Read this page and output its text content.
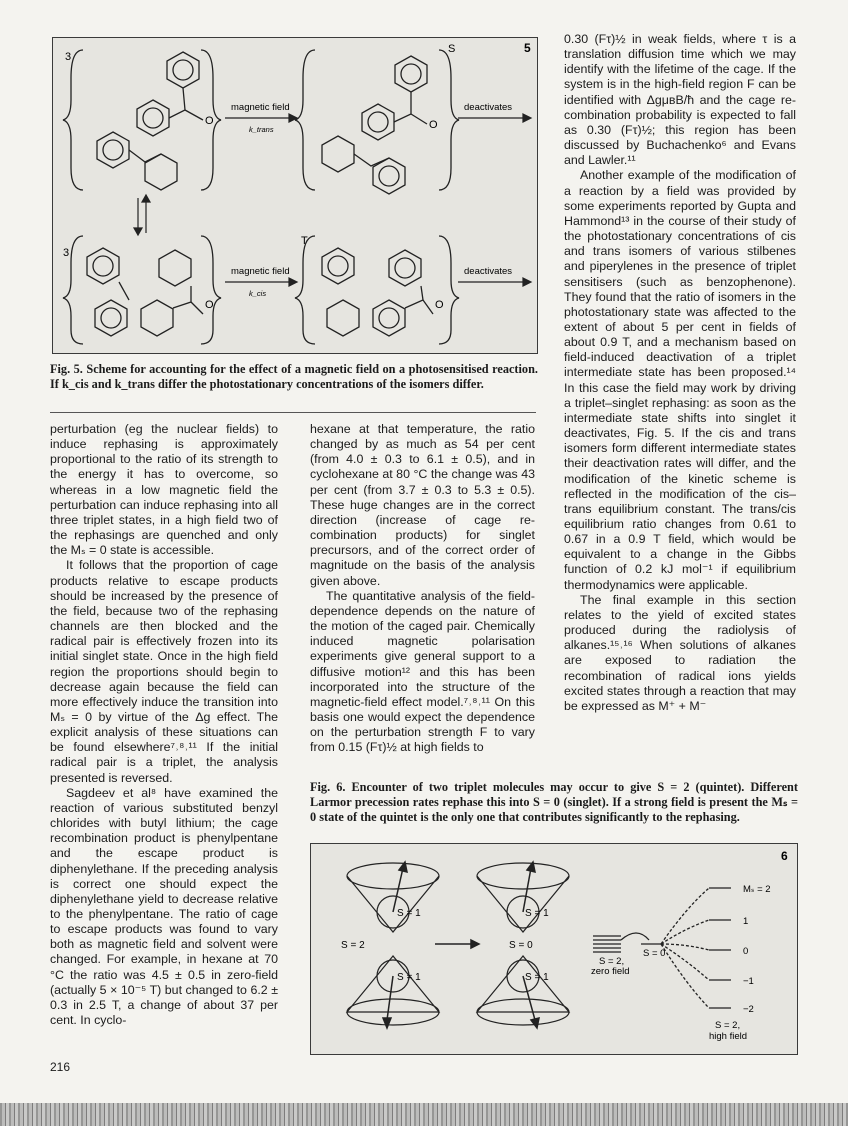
3
S
3
T
5
magnetic field
k_trans
magnetic field
k_cis
deactivates
deactivates
O	O
O	O

Fig. 5. Scheme for accounting for the effect of a magnetic field on a photosensitised reaction. If k_cis and k_trans differ the photostationary concentrations of the isomers differ.

perturbation (eg the nuclear fields) to induce rephasing is approximately proportional to the ratio of its strength to the energy it has to overcome, so whereas in a low magnetic field the perturbation can induce rephasing into all three triplet states, in a high field two of the rephasings are quenched and only the Mₛ = 0 state is accessible.

It follows that the proportion of cage products relative to escape products should be increased by the presence of the field, because two of the rephasing channels are then blocked and the radical pair is effectively frozen into its initial singlet state. Once in the high field region the proportions should begin to decrease again because the field can more effectively induce the transition into Mₛ = 0 by virtue of the Δg effect. The explicit analysis of these situations can be found elsewhere⁷˒⁸˒¹¹ If the initial radical pair is a triplet, the analysis presented is reversed.

Sagdeev et al⁸ have examined the reaction of various substituted benzyl chlorides with butyl lithium; the cage recombination product is phenylpentane and the escape product is diphenylethane. If the preceding analysis is correct one should expect the diphenylethane yield to decrease relative to the phenylpentane. The ratio of cage to escape products was found to vary both as magnetic field and solvent were changed. For example, in hexane at 70 °C the ratio was 4.5 ± 0.5 in zero-field (actually 5 × 10⁻⁵ T) but changed to 6.2 ± 0.3 in 2.5 T, a change of about 37 per cent. In cyclo-

hexane at that temperature, the ratio changed by as much as 54 per cent (from 4.0 ± 0.3 to 6.1 ± 0.5), and in cyclohexane at 80 °C the change was 43 per cent (from 3.7 ± 0.3 to 5.3 ± 0.5). These huge changes are in the correct direction (increase of cage re-combination products) for singlet precursors, and of the correct order of magnitude on the basis of the analysis given above.

The quantitative analysis of the field-dependence depends on the nature of the motion of the caged pair. Chemically induced magnetic polarisation experiments give general support to a diffusive motion¹² and this has been incorporated into the structure of the magnetic-field effect model.⁷˒⁸˒¹¹ On this basis one would expect the dependence on the perturbation strength F to vary from 0.15 (Fτ)½ at high fields to

0.30 (Fτ)½ in weak fields, where τ is a translation diffusion time which we may identify with the lifetime of the cage. If the system is in the high-field region F can be identified with ΔgμʙB/ħ and the cage re-combination probability is expected to fall as 0.30 (Fτ)½; this region has been discussed by Buchachenko⁶ and Evans and Lawler.¹¹

Another example of the modification of a reaction by a field was provided by some experiments reported by Gupta and Hammond¹³ in the course of their study of the photostationary concentrations of cis and trans isomers of various stilbenes and piperylenes in the presence of triplet sensitisers (such as benzophenone). They found that the ratio of isomers in the photostationary state was affected to the extent of about 5 per cent in fields of about 0.9 T, and a mechanism based on field-induced deactivation of a triplet intermediate state has been proposed.¹⁴ In this case the field may work by driving a triplet–singlet rephasing: as soon as the intermediate state shifts into singlet it deactivates, Fig. 5. If the cis and trans isomers form different intermediate states their deactivation rates will differ, and the modification of the kinetic scheme is reflected in the modification of the cis–trans equilibrium constant. The trans/cis equilibrium ratio changes from 0.61 to 0.67 in a 0.9 T field, which would be equivalent to a change in the Gibbs function of 0.2 kJ mol⁻¹ if equilibrium thermodynamics were applicable.

The final example in this section relates to the yield of excited states produced during the radiolysis of alkanes.¹⁵˒¹⁶ When solutions of alkanes are exposed to radiation the recombination of radical ions yields excited states through a reaction that may be expressed as M⁺ + M⁻

Fig. 6. Encounter of two triplet molecules may occur to give S = 2 (quintet). Different Larmor precession rates rephase this into S = 0 (singlet). If a strong field is present the Mₛ = 0 state of the quintet is the only one that contributes significantly to the rephasing.

6
S = 1
S = 1
S = 1
S = 1
S = 2	S = 0
S = 2,
zero field
S = 0
Mₛ = 2
1
0
−1
−2
S = 2,
high field
216
